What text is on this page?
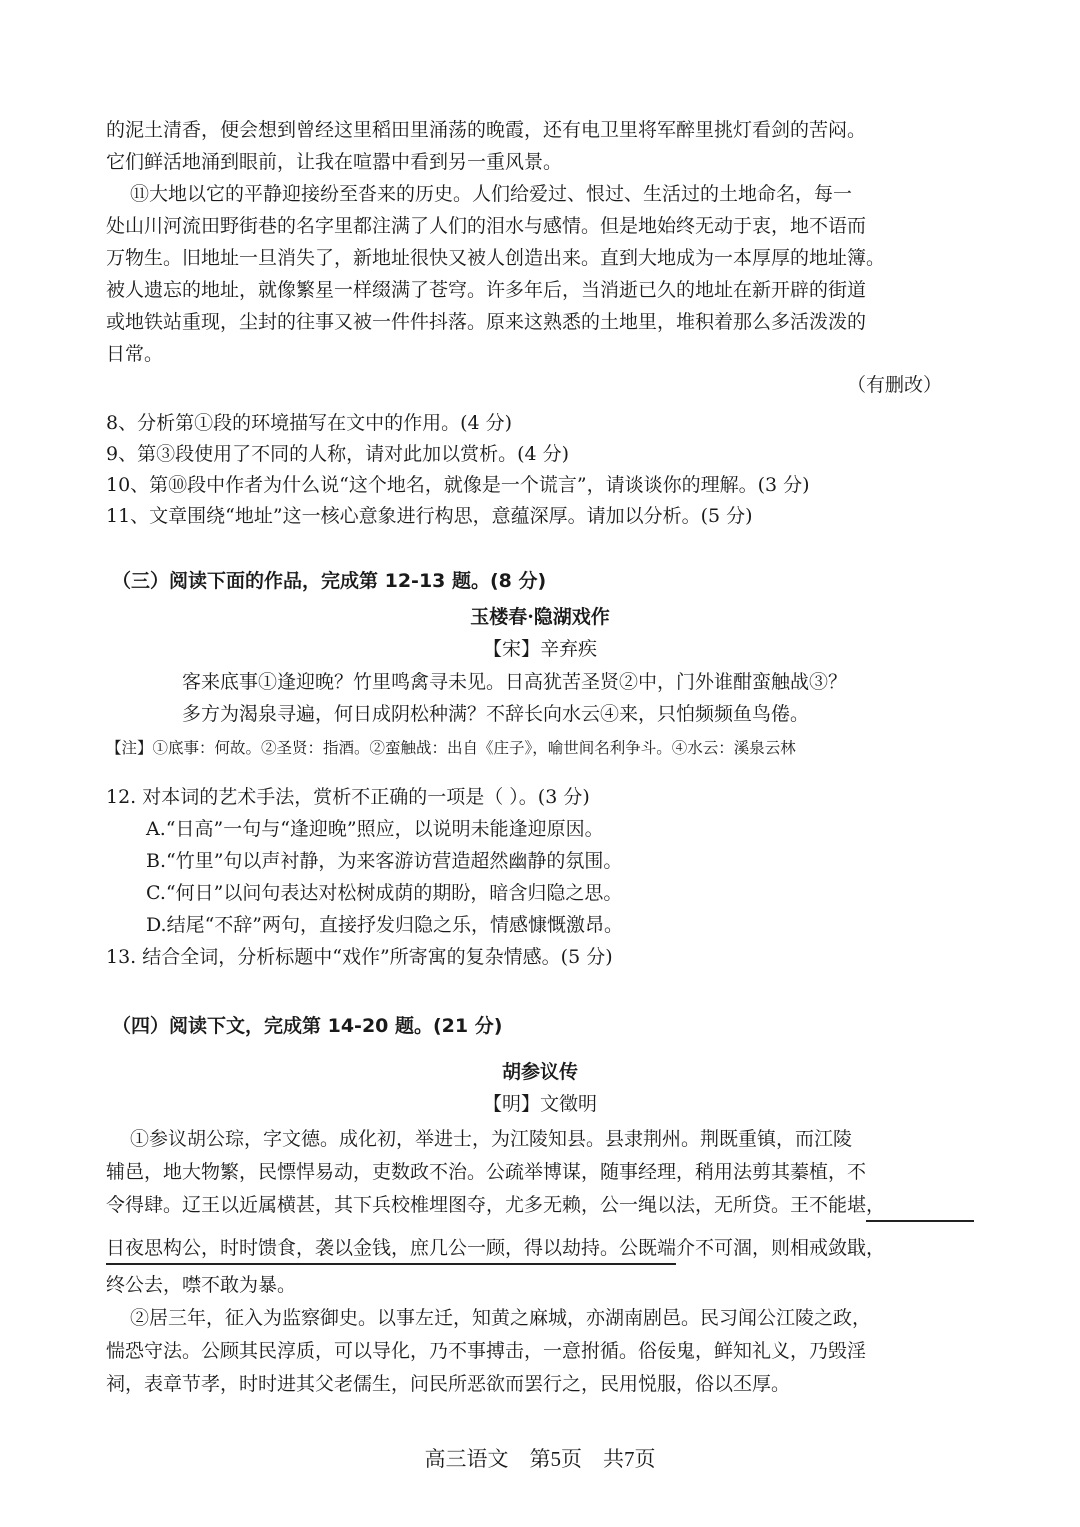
的泥土清香，便会想到曾经这里稻田里涌荡的晚霞，还有电卫里将军醉里挑灯看剑的苦闷。
它们鲜活地涌到眼前，让我在喧嚣中看到另一重风景。
⑪大地以它的平静迎接纷至沓来的历史。人们给爱过、恨过、生活过的土地命名，每一
处山川河流田野街巷的名字里都注满了人们的泪水与感情。但是地始终无动于衷，地不语而
万物生。旧地址一旦消失了，新地址很快又被人创造出来。直到大地成为一本厚厚的地址簿。
被人遗忘的地址，就像繁星一样缀满了苍穹。许多年后，当消逝已久的地址在新开辟的街道
或地铁站重现，尘封的往事又被一件件抖落。原来这熟悉的土地里，堆积着那么多活泼泼的
日常。
（有删改）
8、分析第①段的环境描写在文中的作用。(4 分)
9、第③段使用了不同的人称，请对此加以赏析。(4 分)
10、第⑩段中作者为什么说“这个地名，就像是一个谎言”，请谈谈你的理解。(3 分)
11、文章围绕“地址”这一核心意象进行构思，意蕴深厚。请加以分析。(5 分)
（三）阅读下面的作品，完成第 12-13 题。(8 分)
玉楼春·隐湖戏作
【宋】辛弃疾
客来底事①逢迎晚？竹里鸣禽寻未见。日高犹苦圣贤②中，门外谁酣蛮触战③？
多方为渴泉寻遍，何日成阴松种满？不辞长向水云④来，只怕频频鱼鸟倦。
【注】①底事：何故。②圣贤：指酒。②蛮触战：出自《庄子》，喻世间名利争斗。④水云：溪泉云林
12. 对本词的艺术手法，赏析不正确的一项是（ ）。(3 分)
A.“日高”一句与“逢迎晚”照应，以说明未能逢迎原因。
B.“竹里”句以声衬静，为来客游访营造超然幽静的氛围。
C.“何日”以问句表达对松树成荫的期盼，暗含归隐之思。
D.结尾“不辞”两句，直接抒发归隐之乐，情感慷慨激昂。
13. 结合全词，分析标题中“戏作”所寄寓的复杂情感。(5 分)
（四）阅读下文，完成第 14-20 题。(21 分)
胡参议传
【明】文徵明
①参议胡公琮，字文德。成化初，举进士，为江陵知县。县隶荆州。荆既重镇，而江陵
辅邑，地大物繁，民慓悍易动，吏数政不治。公疏举博谋，随事经理，稍用法剪其蓁植，不
令得肆。辽王以近属横甚，其下兵校椎埋图夺，尤多无赖，公一绳以法，无所贷。王不能堪，
日夜思构公，时时馈食，袭以金钱，庶几公一顾，得以劫持。公既端介不可涸，则相戒敛戢，
终公去，噤不敢为暴。
②居三年，征入为监察御史。以事左迁，知黄之麻城，亦湖南剧邑。民习闻公江陵之政，
惴恐守法。公顾其民淳质，可以导化，乃不事搏击，一意拊循。俗佞鬼，鲜知礼义，乃毁淫
祠，表章节孝，时时进其父老儒生，问民所恶欲而罢行之，民用悦服，俗以丕厚。
高三语文　第5页　共7页
